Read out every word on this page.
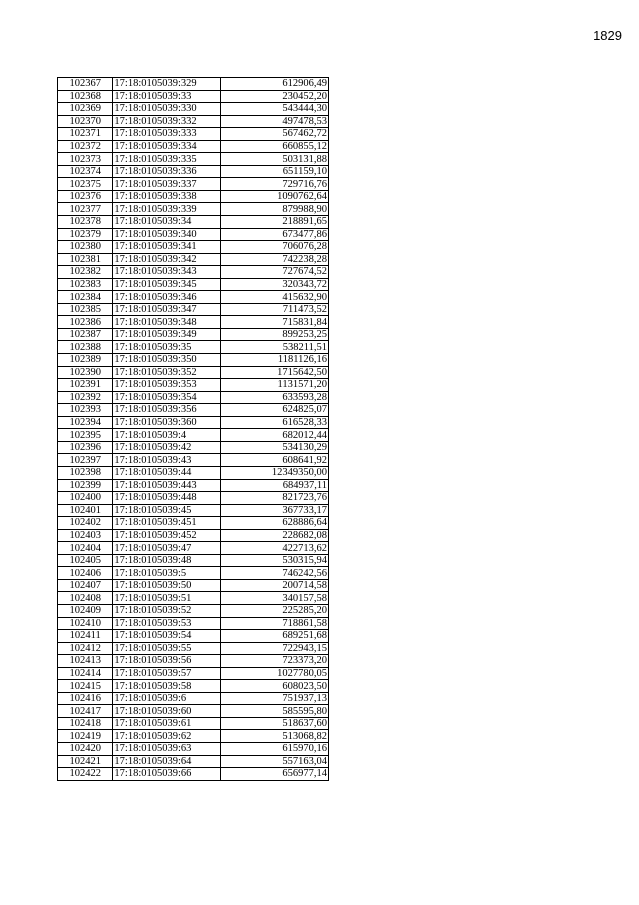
1829
102367	17:18:0105039:329	612906,49
102368	17:18:0105039:33	230452,20
102369	17:18:0105039:330	543444,30
102370	17:18:0105039:332	497478,53
102371	17:18:0105039:333	567462,72
102372	17:18:0105039:334	660855,12
102373	17:18:0105039:335	503131,88
102374	17:18:0105039:336	651159,10
102375	17:18:0105039:337	729716,76
102376	17:18:0105039:338	1090762,64
102377	17:18:0105039:339	879988,90
102378	17:18:0105039:34	218891,65
102379	17:18:0105039:340	673477,86
102380	17:18:0105039:341	706076,28
102381	17:18:0105039:342	742238,28
102382	17:18:0105039:343	727674,52
102383	17:18:0105039:345	320343,72
102384	17:18:0105039:346	415632,90
102385	17:18:0105039:347	711473,52
102386	17:18:0105039:348	715831,84
102387	17:18:0105039:349	899253,25
102388	17:18:0105039:35	538211,51
102389	17:18:0105039:350	1181126,16
102390	17:18:0105039:352	1715642,50
102391	17:18:0105039:353	1131571,20
102392	17:18:0105039:354	633593,28
102393	17:18:0105039:356	624825,07
102394	17:18:0105039:360	616528,33
102395	17:18:0105039:4	682012,44
102396	17:18:0105039:42	534130,29
102397	17:18:0105039:43	608641,92
102398	17:18:0105039:44	12349350,00
102399	17:18:0105039:443	684937,11
102400	17:18:0105039:448	821723,76
102401	17:18:0105039:45	367733,17
102402	17:18:0105039:451	628886,64
102403	17:18:0105039:452	228682,08
102404	17:18:0105039:47	422713,62
102405	17:18:0105039:48	530315,94
102406	17:18:0105039:5	746242,56
102407	17:18:0105039:50	200714,58
102408	17:18:0105039:51	340157,58
102409	17:18:0105039:52	225285,20
102410	17:18:0105039:53	718861,58
102411	17:18:0105039:54	689251,68
102412	17:18:0105039:55	722943,15
102413	17:18:0105039:56	723373,20
102414	17:18:0105039:57	1027780,05
102415	17:18:0105039:58	608023,50
102416	17:18:0105039:6	751937,13
102417	17:18:0105039:60	585595,80
102418	17:18:0105039:61	518637,60
102419	17:18:0105039:62	513068,82
102420	17:18:0105039:63	615970,16
102421	17:18:0105039:64	557163,04
102422	17:18:0105039:66	656977,14
